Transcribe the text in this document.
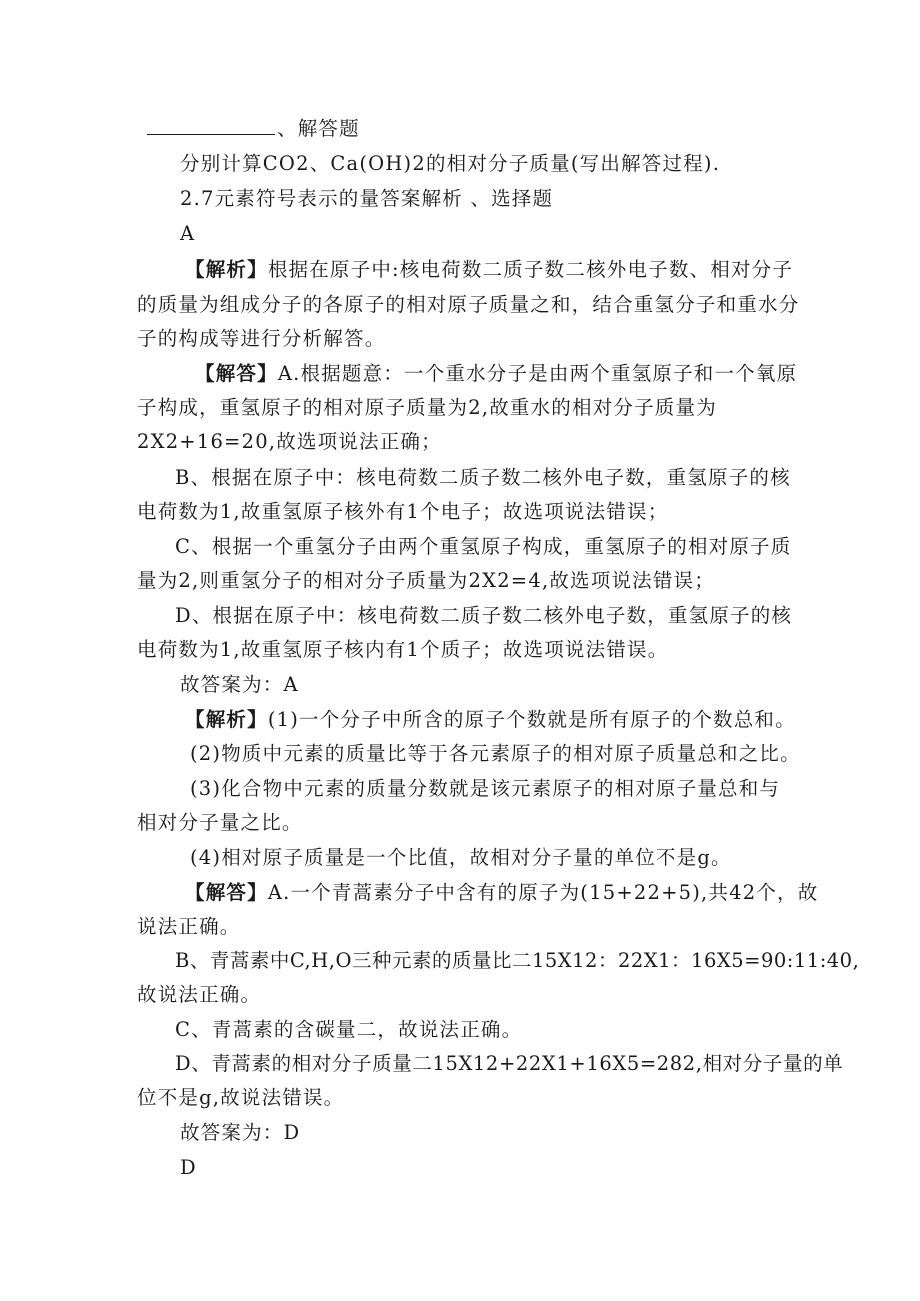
、解答题
分别计算CO2、Ca(OH)2的相对分子质量(写出解答过程).
2.7元素符号表示的量答案解析 、选择题
A
【解析】根据在原子中:核电荷数二质子数二核外电子数、相对分子
的质量为组成分子的各原子的相对原子质量之和，结合重氢分子和重水分
子的构成等进行分析解答。
【解答】A.根据题意：一个重水分子是由两个重氢原子和一个氧原
子构成，重氢原子的相对原子质量为2,故重水的相对分子质量为
2X2+16=20,故选项说法正确；
B、根据在原子中：核电荷数二质子数二核外电子数，重氢原子的核
电荷数为1,故重氢原子核外有1个电子；故选项说法错误；
C、根据一个重氢分子由两个重氢原子构成，重氢原子的相对原子质
量为2,则重氢分子的相对分子质量为2X2=4,故选项说法错误；
D、根据在原子中：核电荷数二质子数二核外电子数，重氢原子的核
电荷数为1,故重氢原子核内有1个质子；故选项说法错误。
故答案为：A
【解析】(1)一个分子中所含的原子个数就是所有原子的个数总和。
(2)物质中元素的质量比等于各元素原子的相对原子质量总和之比。
(3)化合物中元素的质量分数就是该元素原子的相对原子量总和与
相对分子量之比。
(4)相对原子质量是一个比值，故相对分子量的单位不是g。
【解答】A.一个青蒿素分子中含有的原子为(15+22+5),共42个，故
说法正确。
B、青蒿素中C,H,O三种元素的质量比二15X12：22X1：16X5=90:11:40,
故说法正确。
C、青蒿素的含碳量二，故说法正确。
D、青蒿素的相对分子质量二15X12+22X1+16X5=282,相对分子量的单
位不是g,故说法错误。
故答案为：D
D
